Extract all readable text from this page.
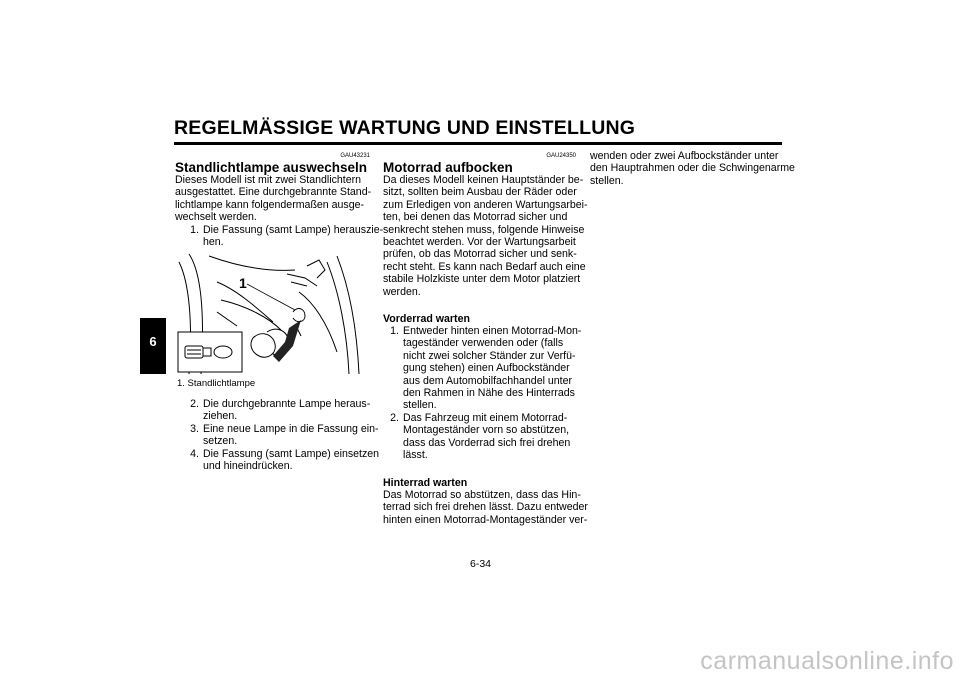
REGELMÄSSIGE WARTUNG UND EINSTELLUNG
6
GAU43231
Standlichtlampe auswechseln
Dieses Modell ist mit zwei Standlichtern
ausgestattet. Eine durchgebrannte Stand-
lichtlampe kann folgendermaßen ausge-
wechselt werden.
1. Die Fassung (samt Lampe) herauszie-
hen.
1
1. Standlichtlampe
2. Die durchgebrannte Lampe heraus-
ziehen.
3. Eine neue Lampe in die Fassung ein-
setzen.
4. Die Fassung (samt Lampe) einsetzen
und hineindrücken.
GAU24350
Motorrad aufbocken
Da dieses Modell keinen Hauptständer be-
sitzt, sollten beim Ausbau der Räder oder
zum Erledigen von anderen Wartungsarbei-
ten, bei denen das Motorrad sicher und
senkrecht stehen muss, folgende Hinweise
beachtet werden. Vor der Wartungsarbeit
prüfen, ob das Motorrad sicher und senk-
recht steht. Es kann nach Bedarf auch eine
stabile Holzkiste unter dem Motor platziert
werden.
Vorderrad warten
1. Entweder hinten einen Motorrad-Mon-
tageständer verwenden oder (falls
nicht zwei solcher Ständer zur Verfü-
gung stehen) einen Aufbockständer
aus dem Automobilfachhandel unter
den Rahmen in Nähe des Hinterrads
stellen.
2. Das Fahrzeug mit einem Motorrad-
Montageständer vorn so abstützen,
dass das Vorderrad sich frei drehen
lässt.
Hinterrad warten
Das Motorrad so abstützen, dass das Hin-
terrad sich frei drehen lässt. Dazu entweder
hinten einen Motorrad-Montageständer ver-
wenden oder zwei Aufbockständer unter
den Hauptrahmen oder die Schwingenarme
stellen.
6-34
carmanualsonline.info
